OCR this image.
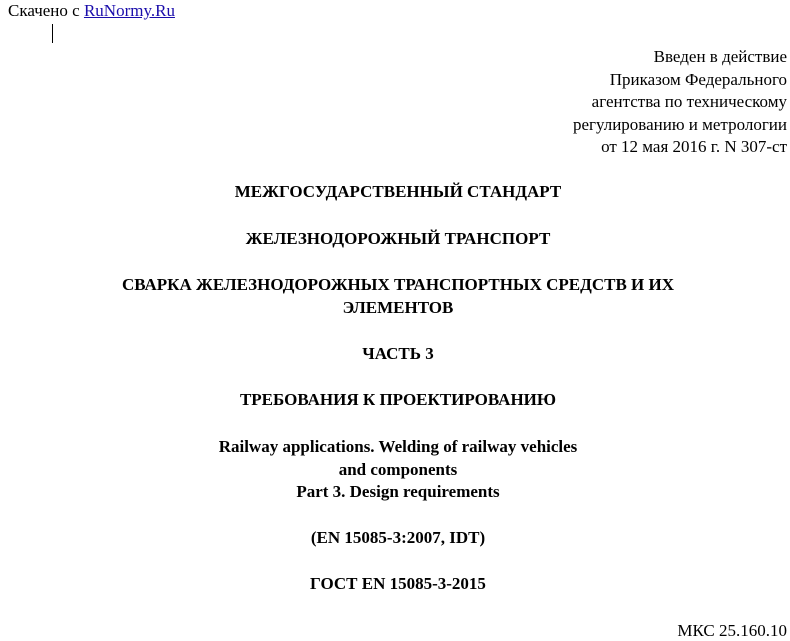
Скачено с RuNormy.Ru
Введен в действие
Приказом Федерального
агентства по техническому
регулированию и метрологии
от 12 мая 2016 г. N 307-ст
МЕЖГОСУДАРСТВЕННЫЙ СТАНДАРТ
ЖЕЛЕЗНОДОРОЖНЫЙ ТРАНСПОРТ
СВАРКА ЖЕЛЕЗНОДОРОЖНЫХ ТРАНСПОРТНЫХ СРЕДСТВ И ИХ
ЭЛЕМЕНТОВ
ЧАСТЬ 3
ТРЕБОВАНИЯ К ПРОЕКТИРОВАНИЮ
Railway applications. Welding of railway vehicles
and components
Part 3. Design requirements
(EN 15085-3:2007, IDT)
ГОСТ EN 15085-3-2015
МКС 25.160.10
